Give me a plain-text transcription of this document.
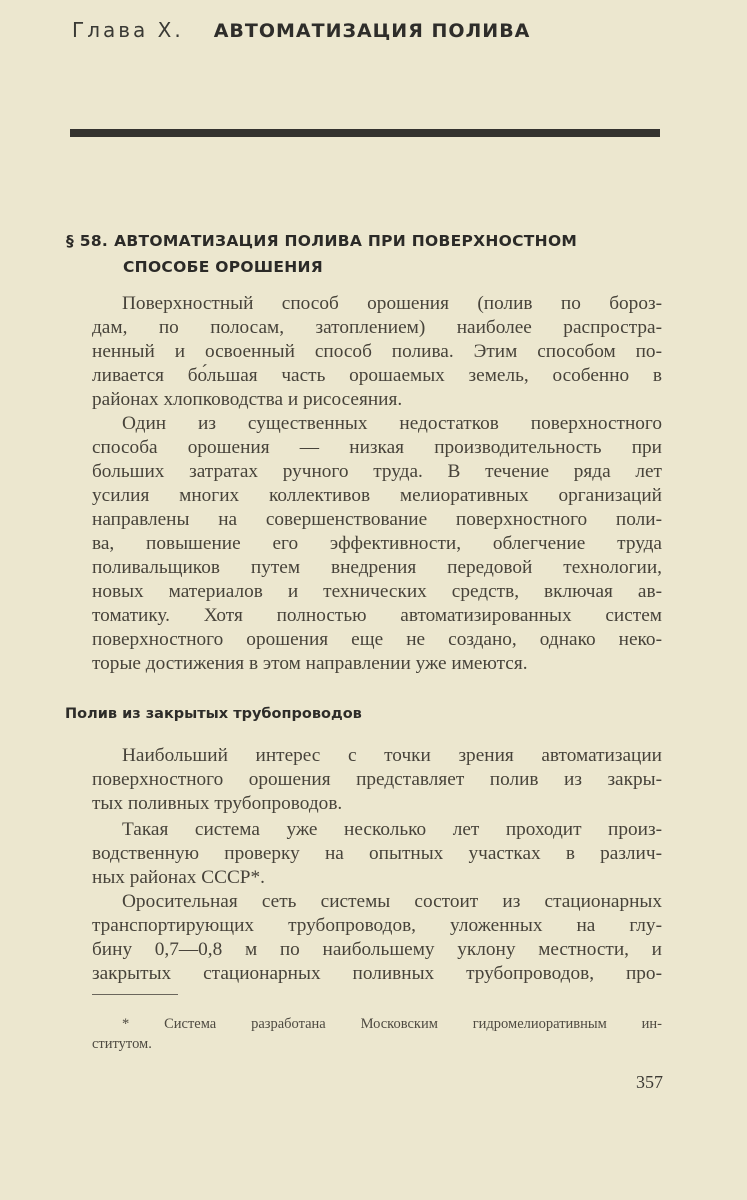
Глава X. АВТОМАТИЗАЦИЯ ПОЛИВА
§ 58. АВТОМАТИЗАЦИЯ ПОЛИВА ПРИ ПОВЕРХНОСТНОМ
СПОСОБЕ ОРОШЕНИЯ
Поверхностный способ орошения (полив по бороз-
дам, по полосам, затоплением) наиболее распростра-
ненный и освоенный способ полива. Этим способом по-
ливается бо́льшая часть орошаемых земель, особенно в
районах хлопководства и рисосеяния.
Один из существенных недостатков поверхностного
способа орошения — низкая производительность при
больших затратах ручного труда. В течение ряда лет
усилия многих коллективов мелиоративных организаций
направлены на совершенствование поверхностного поли-
ва, повышение его эффективности, облегчение труда
поливальщиков путем внедрения передовой технологии,
новых материалов и технических средств, включая ав-
томатику. Хотя полностью автоматизированных систем
поверхностного орошения еще не создано, однако неко-
торые достижения в этом направлении уже имеются.
Полив из закрытых трубопроводов
Наибольший интерес с точки зрения автоматизации
поверхностного орошения представляет полив из закры-
тых поливных трубопроводов.
Такая система уже несколько лет проходит произ-
водственную проверку на опытных участках в различ-
ных районах СССР*.
Оросительная сеть системы состоит из стационарных
транспортирующих трубопроводов, уложенных на глу-
бину 0,7—0,8 м по наибольшему уклону местности, и
закрытых стационарных поливных трубопроводов, про-
* Система разработана Московским гидромелиоративным ин-
ститутом.
357
